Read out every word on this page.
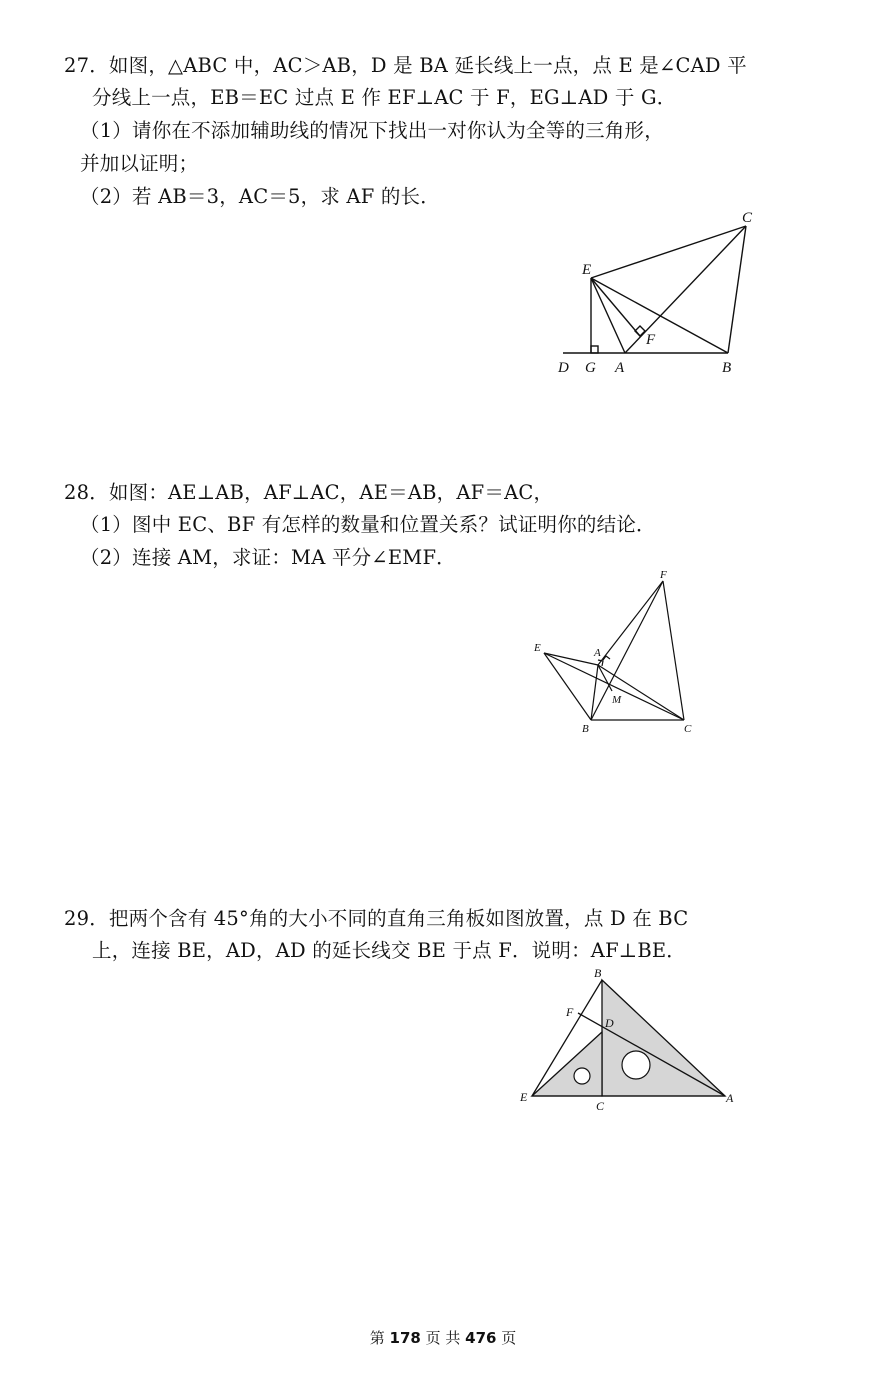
27．如图，△ABC 中，AC＞AB，D 是 BA 延长线上一点，点 E 是∠CAD 平
分线上一点，EB＝EC 过点 E 作 EF⊥AC 于 F，EG⊥AD 于 G．
（1）请你在不添加辅助线的情况下找出一对你认为全等的三角形，
并加以证明；
（2）若 AB＝3，AC＝5，求 AF 的长．
C
E
F
D G A	B
28．如图：AE⊥AB，AF⊥AC，AE＝AB，AF＝AC，
（1）图中 EC、BF 有怎样的数量和位置关系？试证明你的结论．
（2）连接 AM，求证：MA 平分∠EMF．
F
E	A
M
B	C
29．把两个含有 45°角的大小不同的直角三角板如图放置，点 D 在 BC
上，连接 BE，AD，AD 的延长线交 BE 于点 F．说明：AF⊥BE．
B
F
D
E
C
A
第 178 页 共 476 页
